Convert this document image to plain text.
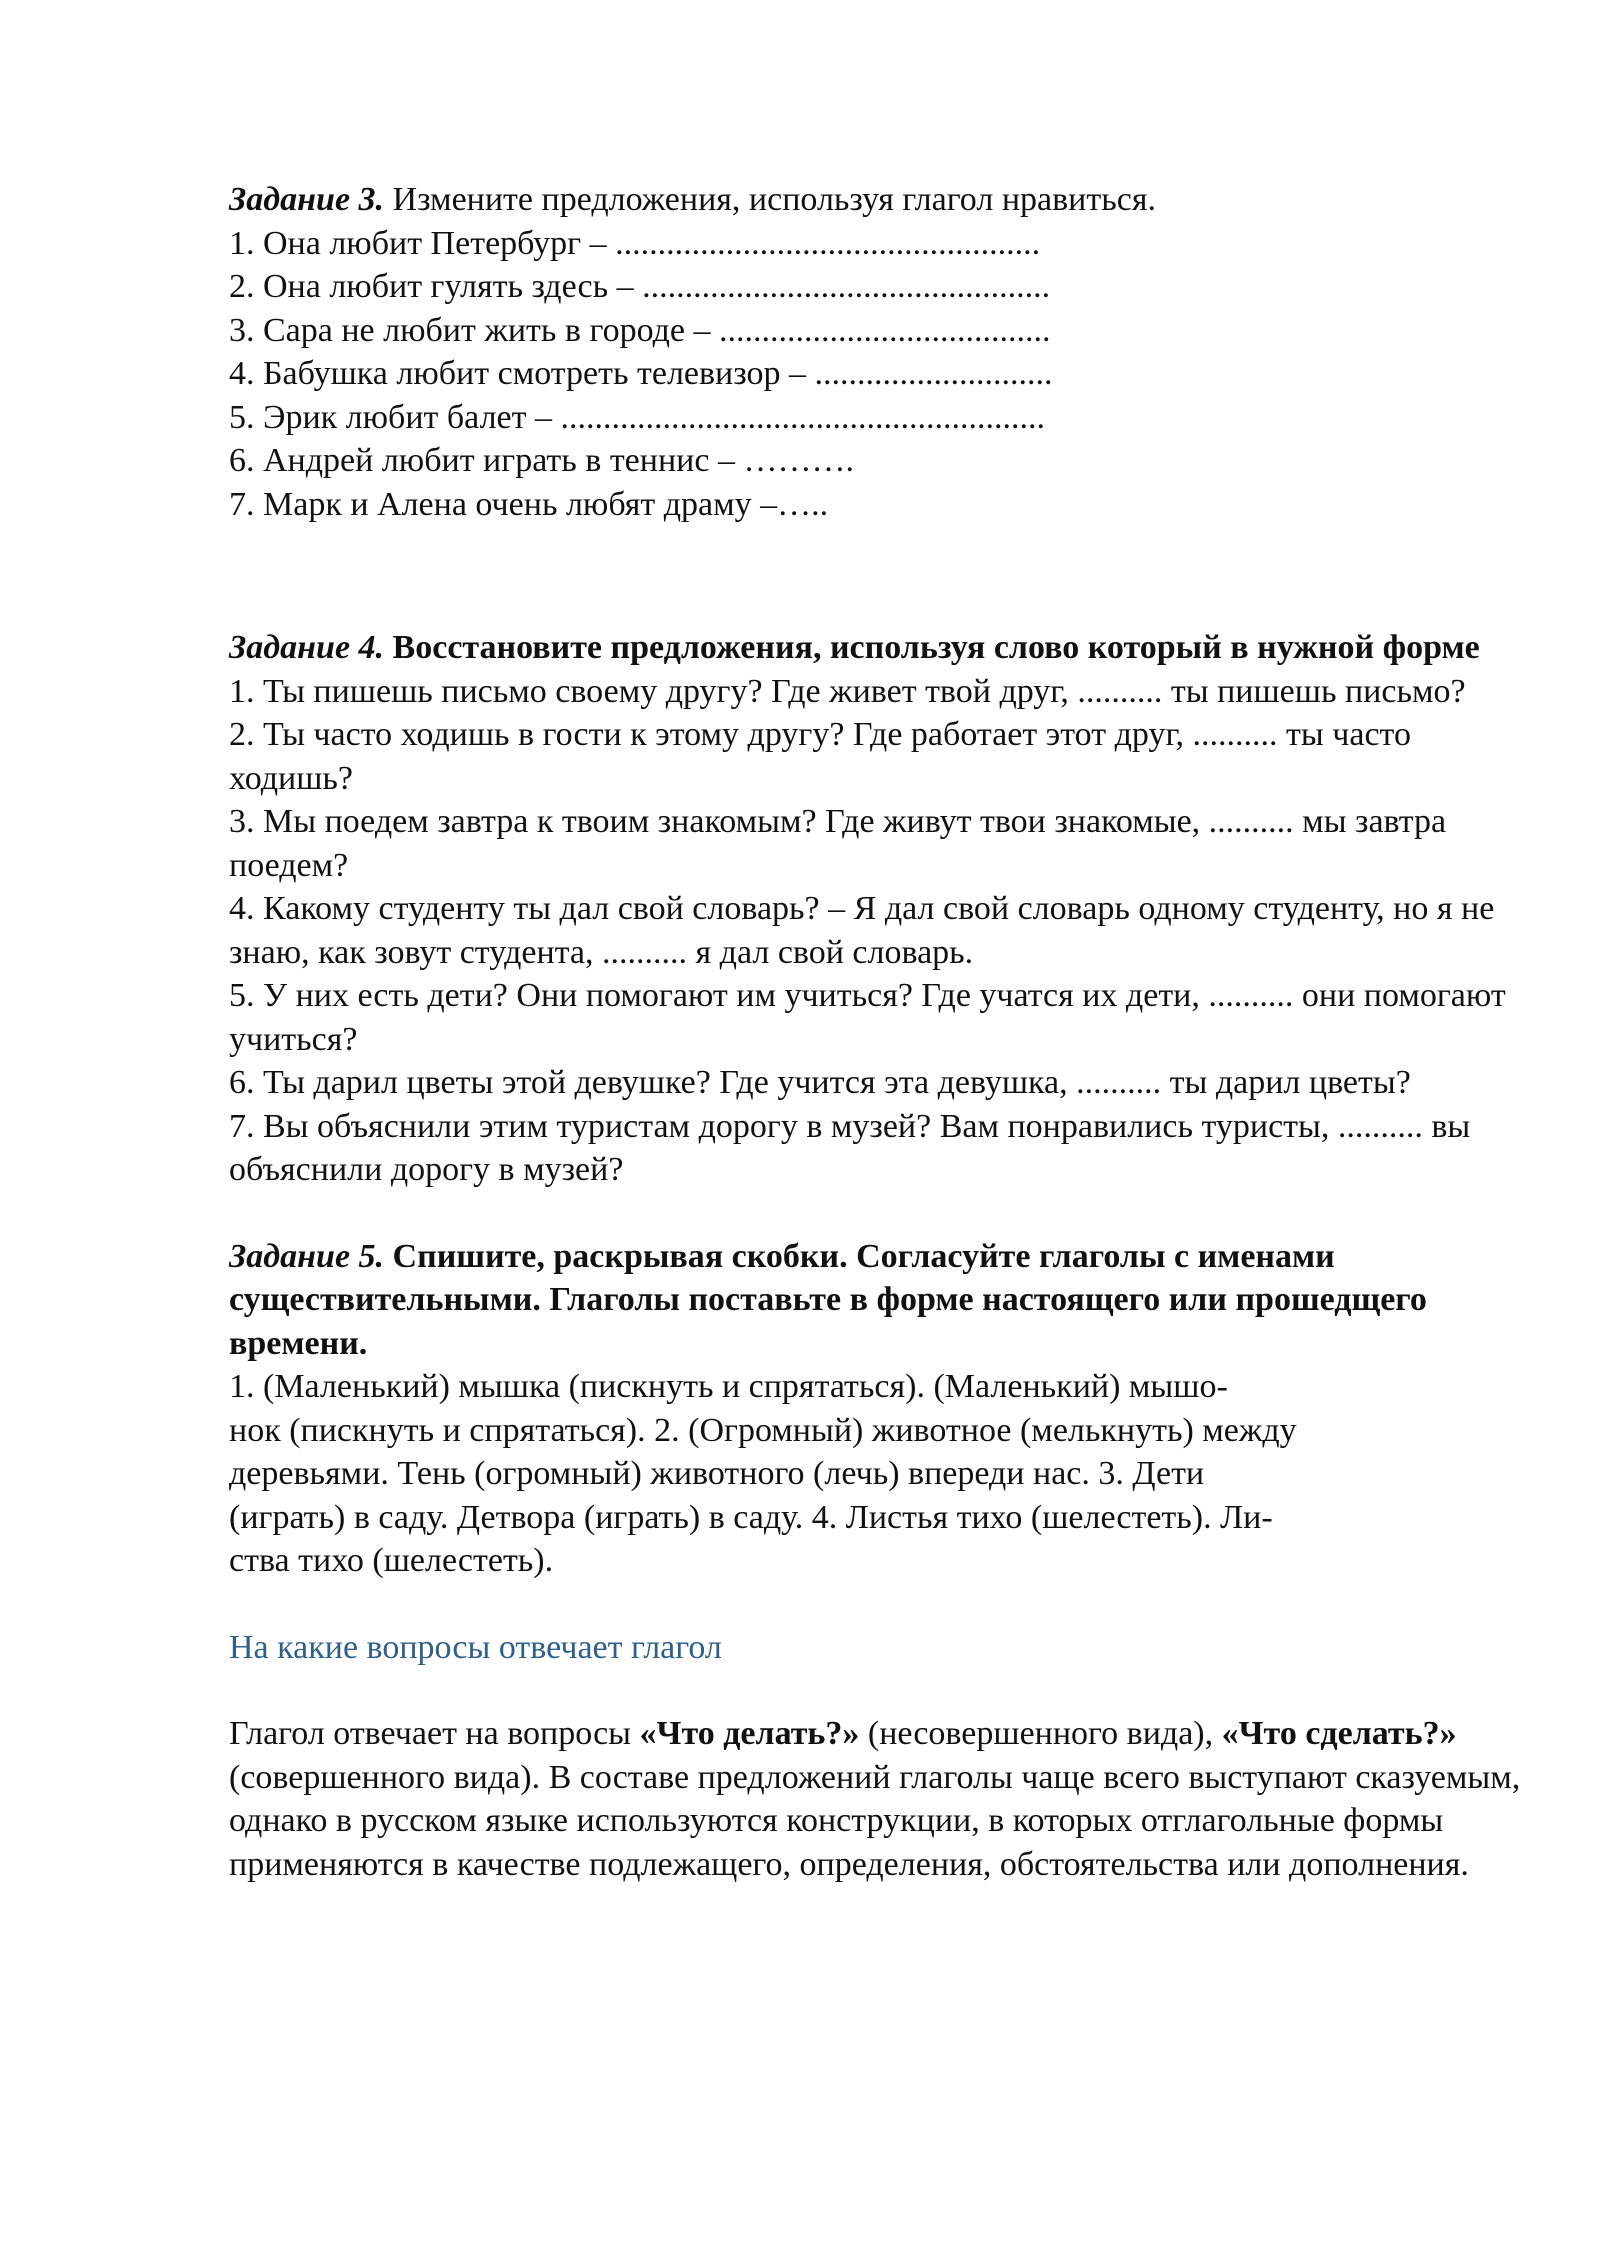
Задание 3. Измените предложения, используя глагол нравиться.

1. Она любит Петербург – ..................................................

2. Она любит гулять здесь – ................................................

3. Сара не любит жить в городе – .......................................

4. Бабушка любит смотреть телевизор – ............................

5. Эрик любит балет – .........................................................

6. Андрей любит играть в теннис – ……….

7. Марк и Алена очень любят драму –…..

Задание 4. Восстановите предложения, используя слово который в нужной форме

1. Ты пишешь письмо своему другу? Где живет твой друг, .......... ты пишешь письмо?

2. Ты часто ходишь в гости к этому другу? Где работает этот друг, .......... ты часто ходишь?

3. Мы поедем завтра к твоим знакомым? Где живут твои знакомые, .......... мы завтра поедем?

4. Какому студенту ты дал свой словарь? – Я дал свой словарь одному студенту, но я не знаю, как зовут студента, .......... я дал свой словарь.

5. У них есть дети? Они помогают им учиться? Где учатся их дети, .......... они помогают учиться?

6. Ты дарил цветы этой девушке? Где учится эта девушка, .......... ты дарил цветы?

7. Вы объяснили этим туристам дорогу в музей? Вам понравились туристы, .......... вы объяснили дорогу в музей?

Задание 5. Спишите, раскрывая скобки. Согласуйте глаголы с именами существительными. Глаголы поставьте в форме настоящего или прошедщего времени.

1. (Маленький) мышка (пискнуть и спрятаться). (Маленький) мышо-

нок (пискнуть и спрятаться). 2. (Огромный) животное (мелькнуть) между

деревьями. Тень (огромный) животного (лечь) впереди нас. 3. Дети

(играть) в саду. Детвора (играть) в саду. 4. Листья тихо (шелестеть). Ли-

ства тихо (шелестеть).

На какие вопросы отвечает глагол

Глагол отвечает на вопросы «Что делать?» (несовершенного вида), «Что сделать?» (совершенного вида). В составе предложений глаголы чаще всего выступают сказуемым, однако в русском языке используются конструкции, в которых отглагольные формы применяются в качестве подлежащего, определения, обстоятельства или дополнения.
